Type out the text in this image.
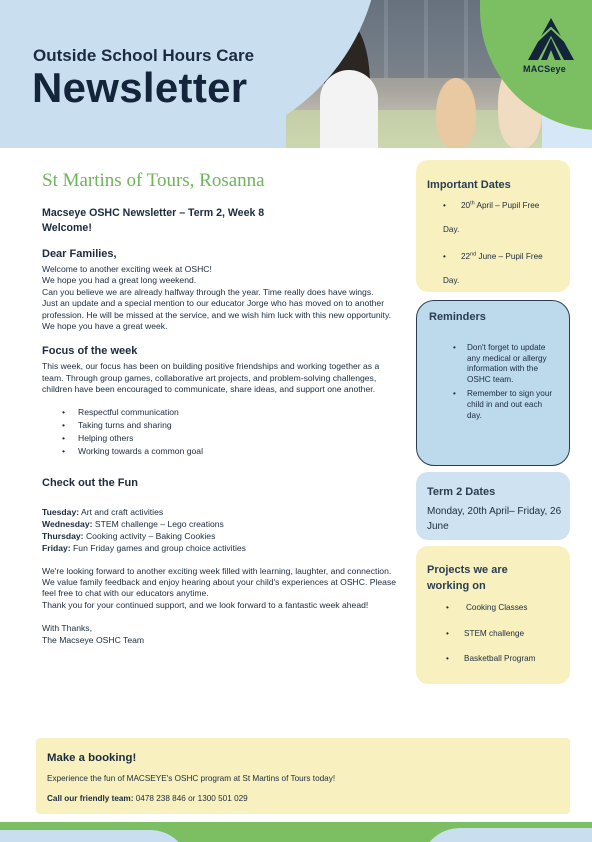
Outside School Hours Care
Newsletter	MACSeye
St Martins of Tours, Rosanna
Macseye OSHC Newsletter – Term 2, Week 8
Welcome!
Dear Families,

Welcome to another exciting week at OSHC!

We hope you had a great long weekend.

Can you believe we are already halfway through the year. Time really does have wings.

Just an update and a special mention to our educator Jorge who has moved on to another profession. He will be missed at the service, and we wish him luck with this new opportunity.

We hope you have a great week.

Focus of the week
This week, our focus has been on building positive friendships and working together as a team. Through group games, collaborative art projects, and problem-solving challenges, children have been encouraged to communicate, share ideas, and support one another.
• Respectful communication
• Taking turns and sharing
• Helping others
• Working towards a common goal
Check out the Fun

Tuesday: Art and craft activities

Wednesday: STEM challenge – Lego creations

Thursday: Cooking activity – Baking Cookies

Friday: Fun Friday games and group choice activities

We're looking forward to another exciting week filled with learning, laughter, and connection. We value family feedback and enjoy hearing about your child's experiences at OSHC. Please feel free to chat with our educators anytime.

Thank you for your continued support, and we look forward to a fantastic week ahead!

With Thanks,

The Macseye OSHC Team

Important Dates
•	20th April – Pupil Free
Day.
•	22nd June – Pupil Free
Day.
Reminders
• Don't forget to update any medical or allergy information with the OSHC team.
• Remember to sign your child in and out each day.
Term 2 Dates
Monday, 20th April– Friday, 26 June
Projects we are working on
•	Cooking Classes
•	STEM challenge
•	Basketball Program
Make a booking!
Experience the fun of MACSEYE's OSHC program at St Martins of Tours today!
Call our friendly team: 0478 238 846 or 1300 501 029
